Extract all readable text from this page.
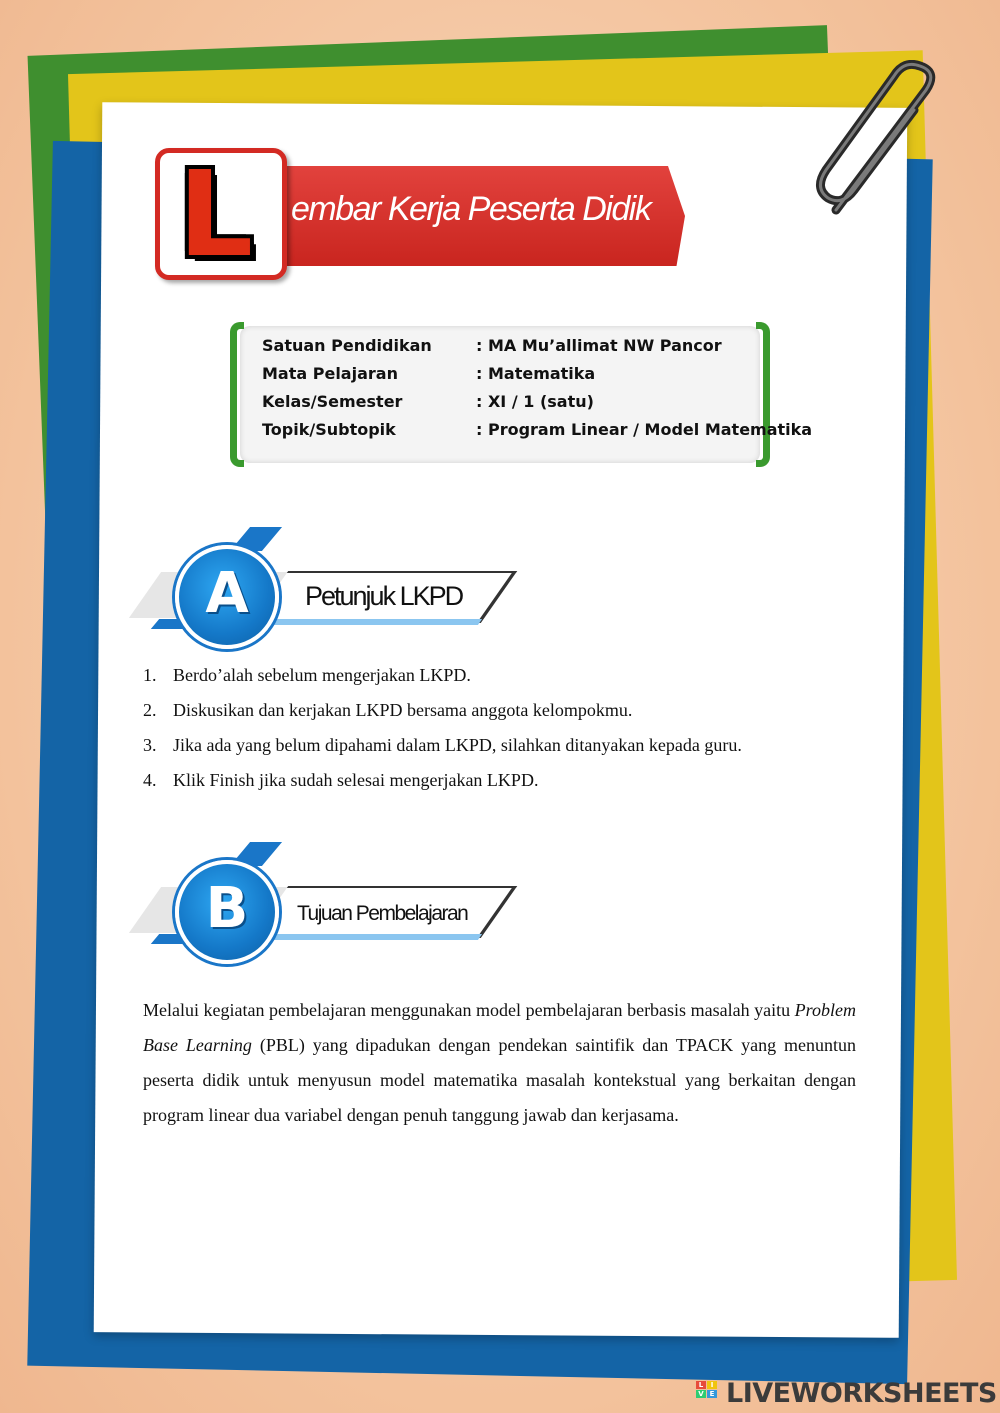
embar Kerja Peserta Didik
L
Satuan Pendidikan	: MA Mu’allimat NW Pancor
Mata Pelajaran	: Matematika
Kelas/Semester	: XI / 1 (satu)
Topik/Subtopik	: Program Linear / Model Matematika
A	Petunjuk LKPD
1. Berdo’alah sebelum mengerjakan LKPD.
2. Diskusikan dan kerjakan LKPD bersama anggota kelompokmu.
3. Jika ada yang belum dipahami dalam LKPD, silahkan ditanyakan kepada guru.
4. Klik Finish jika sudah selesai mengerjakan LKPD.
B	Tujuan Pembelajaran

Melalui kegiatan pembelajaran menggunakan model pembelajaran berbasis masalah yaitu Problem Base Learning (PBL) yang dipadukan dengan pendekan saintifik dan TPACK yang menuntun peserta didik untuk menyusun model matematika masalah kontekstual yang berkaitan dengan program linear dua variabel dengan penuh tanggung jawab dan kerjasama.

L	I
V E LIVEWORKSHEETS
